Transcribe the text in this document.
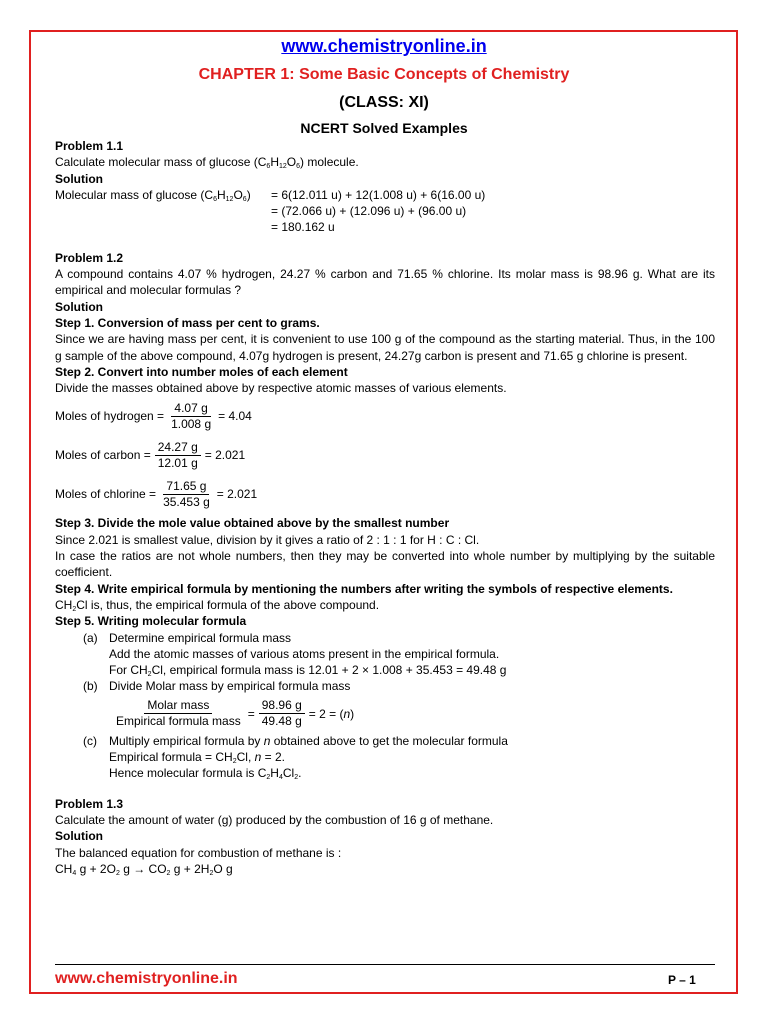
www.chemistryonline.in
CHAPTER 1: Some Basic Concepts of Chemistry
(CLASS: XI)
NCERT Solved Examples

Problem 1.1

Calculate molecular mass of glucose $(C_6H_{12}O_6)$ molecule.

Solution

Molecular mass of glucose $(C_6H_{12}O_6)$	= 6(12.011 u) + 12(1.008 u) + 6(16.00 u)
= (72.066 u) + (12.096 u) + (96.00 u)
= 180.162 u

Problem 1.2

A compound contains 4.07 % hydrogen, 24.27 % carbon and 71.65 % chlorine. Its molar mass is 98.96 g. What are its empirical and molecular formulas ?

Solution

Step 1. Conversion of mass per cent to grams.

Since we are having mass per cent, it is convenient to use 100 g of the compound as the starting material. Thus, in the 100 g sample of the above compound, 4.07g hydrogen is present, 24.27g carbon is present and 71.65 g chlorine is present.

Step 2. Convert into number moles of each element

Divide the masses obtained above by respective atomic masses of various elements.

Moles of hydrogen = $\frac{4.07 g}{1.008 g} = 4.04$
Moles of carbon = $\frac{24.27 g}{12.01 g} = 2.021$
Moles of chlorine = $\frac{71.65 g}{35.453 g} = 2.021$

Step 3. Divide the mole value obtained above by the smallest number

Since 2.021 is smallest value, division by it gives a ratio of 2 : 1 : 1 for H : C : Cl.

In case the ratios are not whole numbers, then they may be converted into whole number by multiplying by the suitable coefficient.

Step 4. Write empirical formula by mentioning the numbers after writing the symbols of respective elements.

$CH_2Cl$ is, thus, the empirical formula of the above compound.

Step 5. Writing molecular formula

(a) Determine empirical formula mass

Add the atomic masses of various atoms present in the empirical formula.

For $CH_2Cl$, empirical formula mass is 12.01 + 2 × 1.008 + 35.453 = 49.48 g

(b) Divide Molar mass by empirical formula mass

$\frac{\text{Molar mass}}{\text{Empirical formula mass}} = \frac{98.96 g}{49.48 g} = 2 = (n)$

(c) Multiply empirical formula by n obtained above to get the molecular formula

Empirical formula = $CH_2Cl$, n = 2.

Hence molecular formula is $C_2H_4Cl_2$.

Problem 1.3

Calculate the amount of water (g) produced by the combustion of 16 g of methane.

Solution

The balanced equation for combustion of methane is :

$CH_4$ $g + 2O_2$ $g \to CO_2$ $g + 2H_2O$ g

www.chemistryonline.in	P – 1
